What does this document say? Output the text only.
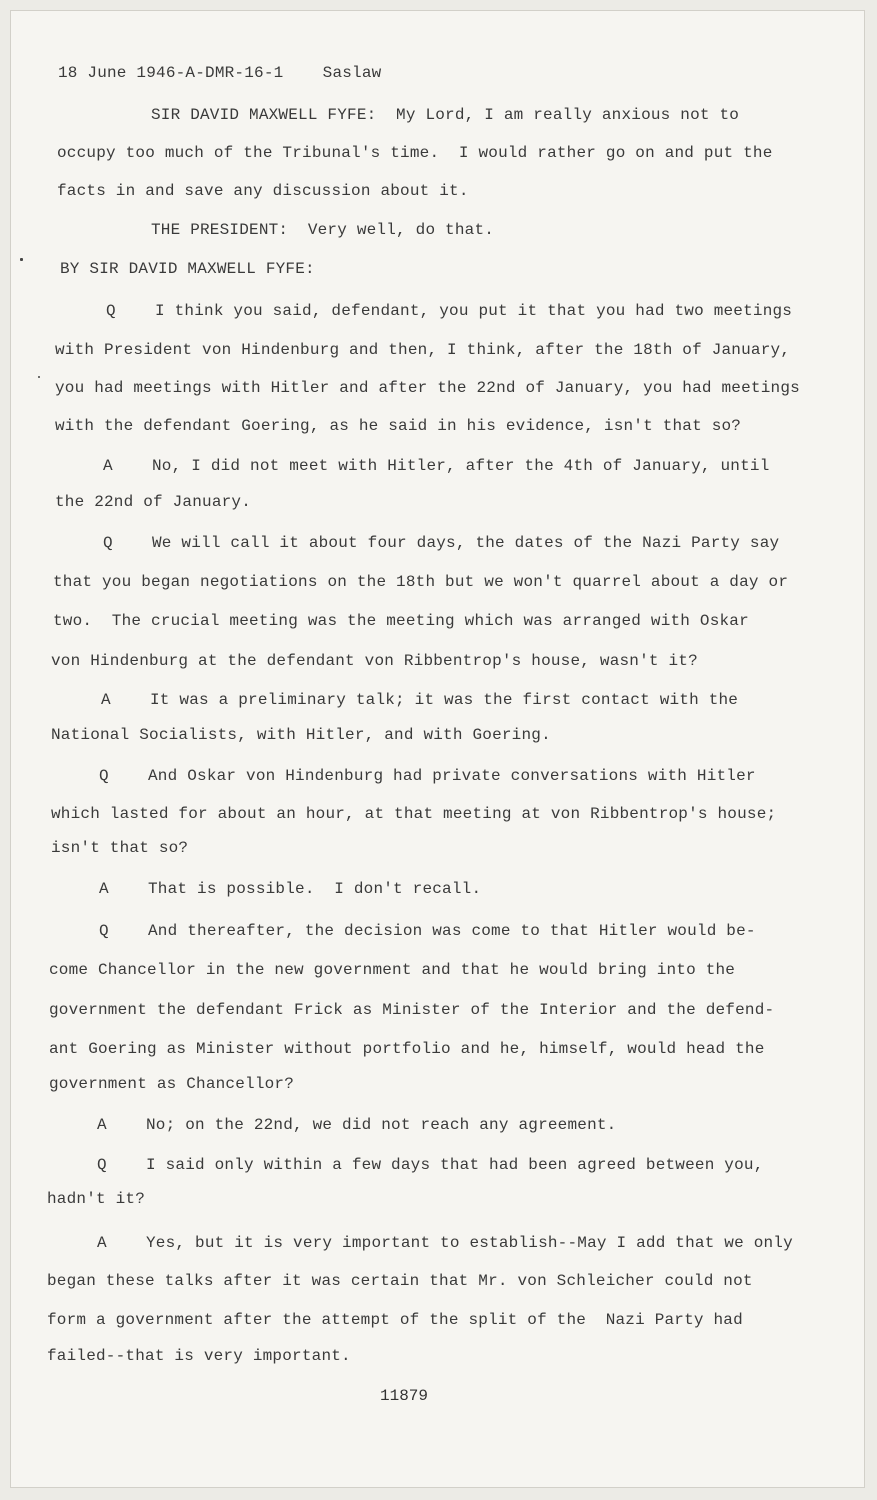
18 June 1946-A-DMR-16-1    Saslaw
SIR DAVID MAXWELL FYFE:  My Lord, I am really anxious not to
occupy too much of the Tribunal's time.  I would rather go on and put the
facts in and save any discussion about it.
THE PRESIDENT:  Very well, do that.
BY SIR DAVID MAXWELL FYFE:
Q    I think you said, defendant, you put it that you had two meetings
with President von Hindenburg and then, I think, after the 18th of January,
you had meetings with Hitler and after the 22nd of January, you had meetings
with the defendant Goering, as he said in his evidence, isn't that so?
A    No, I did not meet with Hitler, after the 4th of January, until
the 22nd of January.
Q    We will call it about four days, the dates of the Nazi Party say
that you began negotiations on the 18th but we won't quarrel about a day or
two.  The crucial meeting was the meeting which was arranged with Oskar
von Hindenburg at the defendant von Ribbentrop's house, wasn't it?
A    It was a preliminary talk; it was the first contact with the
National Socialists, with Hitler, and with Goering.
Q    And Oskar von Hindenburg had private conversations with Hitler
which lasted for about an hour, at that meeting at von Ribbentrop's house;
isn't that so?
A    That is possible.  I don't recall.
Q    And thereafter, the decision was come to that Hitler would be-
come Chancellor in the new government and that he would bring into the
government the defendant Frick as Minister of the Interior and the defend-
ant Goering as Minister without portfolio and he, himself, would head the
government as Chancellor?
A    No; on the 22nd, we did not reach any agreement.
Q    I said only within a few days that had been agreed between you,
hadn't it?
A    Yes, but it is very important to establish--May I add that we only
began these talks after it was certain that Mr. von Schleicher could not
form a government after the attempt of the split of the  Nazi Party had
failed--that is very important.
11879
